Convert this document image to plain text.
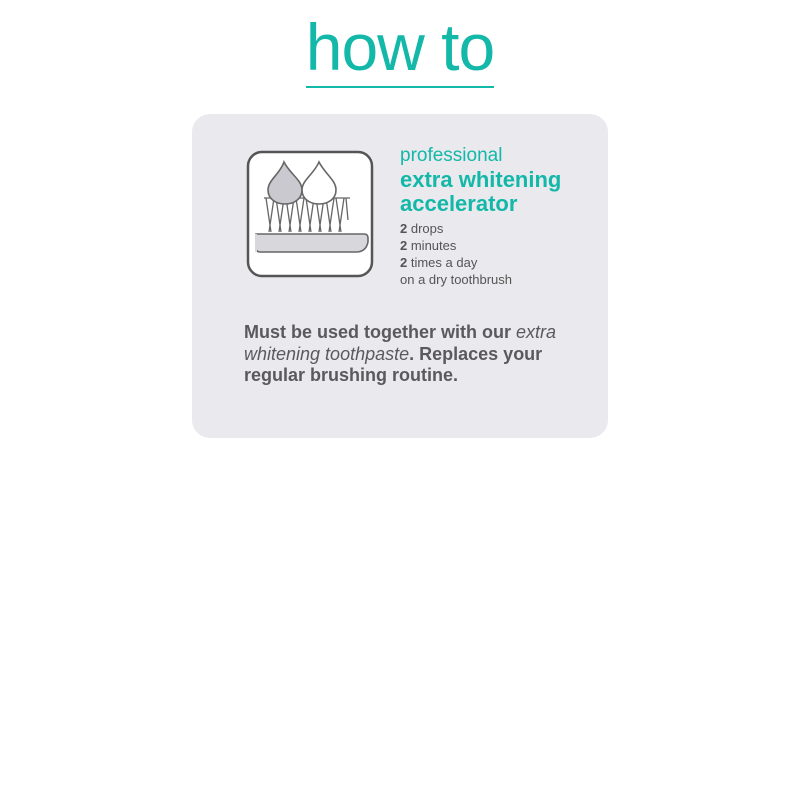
how to
professional
extra whitening
accelerator
2 drops
2 minutes
2 times a day
on a dry toothbrush
Must be used together with our extra whitening toothpaste. Replaces your regular brushing routine.
